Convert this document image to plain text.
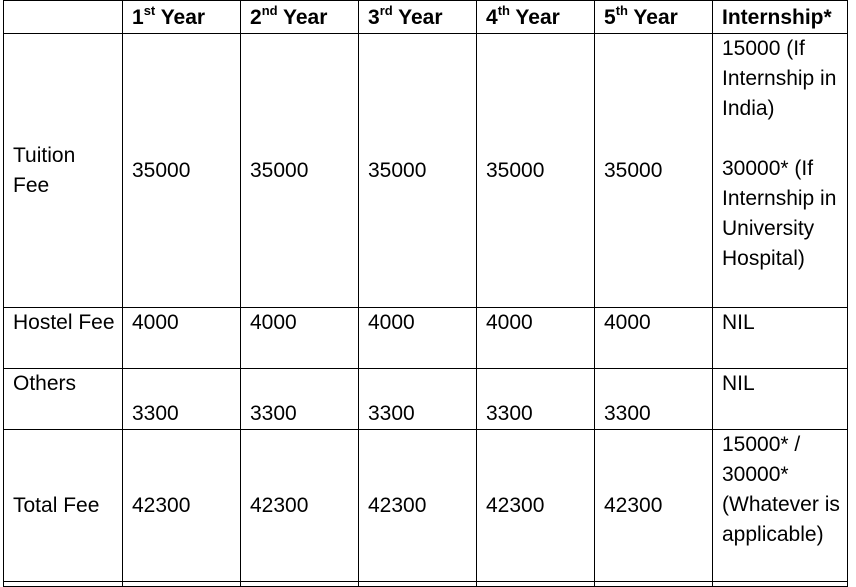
	1st Year	2nd Year	3rd Year	4th Year	5th Year	Internship*
Tuition Fee	35000	35000	35000	35000	35000	15000 (If Internship in India)
30000* (If Internship in University Hospital)

Hostel Fee	4000	4000	4000	4000	4000	NIL
Others	3300	3300	3300	3300	3300	NIL
Total Fee	42300	42300	42300	42300	42300	15000* / 30000* (Whatever is applicable)
